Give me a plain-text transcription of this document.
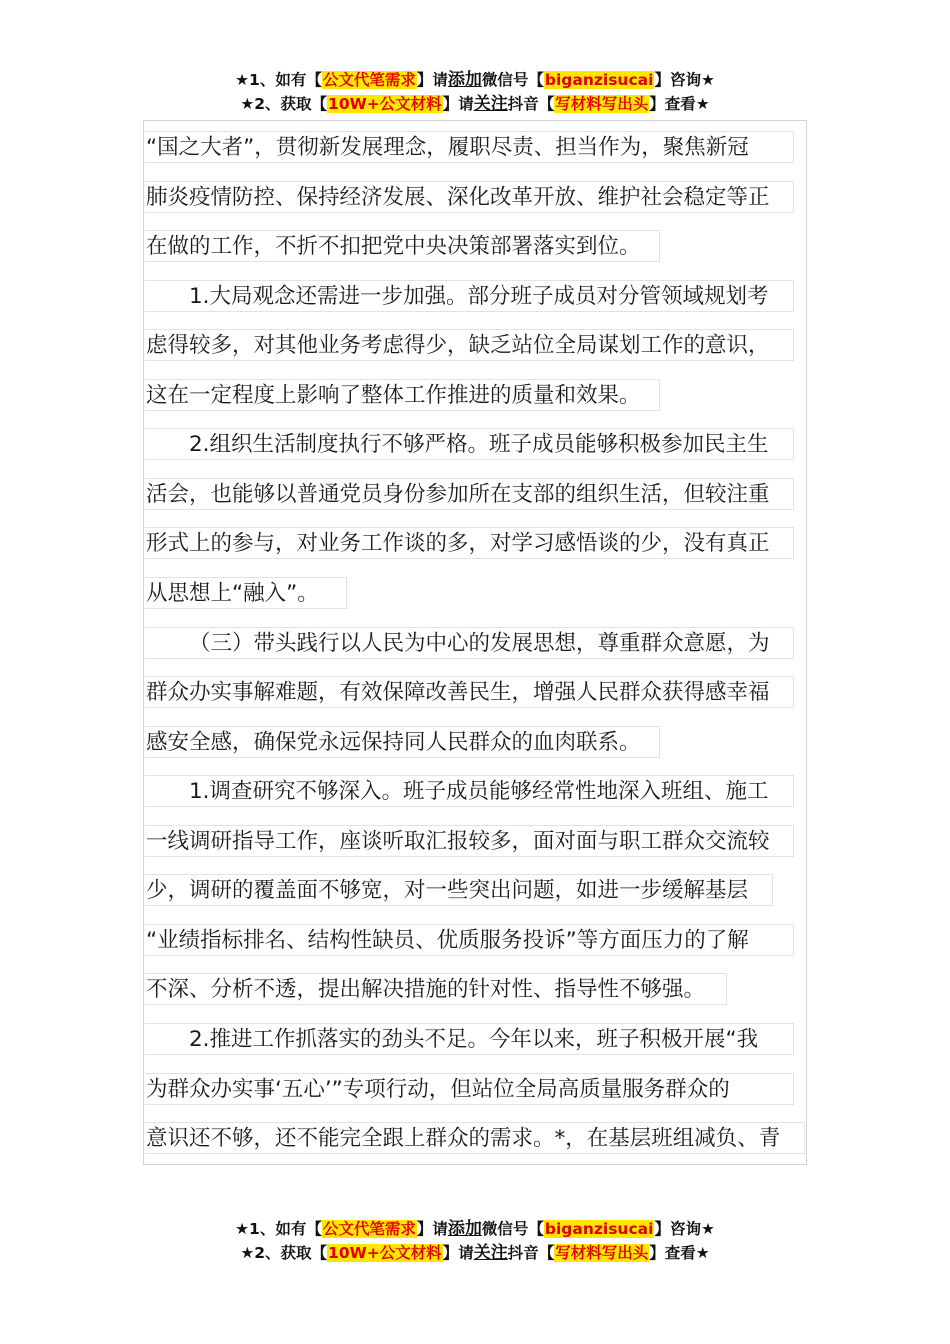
★1、如有【公文代笔需求】请添加微信号【biganzisucai】咨询★
★2、获取【10W+公文材料】请关注抖音【写材料写出头】查看★
“国之大者”，贯彻新发展理念，履职尽责、担当作为，聚焦新冠
肺炎疫情防控、保持经济发展、深化改革开放、维护社会稳定等正
在做的工作，不折不扣把党中央决策部署落实到位。
1.大局观念还需进一步加强。部分班子成员对分管领域规划考
虑得较多，对其他业务考虑得少，缺乏站位全局谋划工作的意识，
这在一定程度上影响了整体工作推进的质量和效果。
2.组织生活制度执行不够严格。班子成员能够积极参加民主生
活会，也能够以普通党员身份参加所在支部的组织生活，但较注重
形式上的参与，对业务工作谈的多，对学习感悟谈的少，没有真正
从思想上“融入”。
（三）带头践行以人民为中心的发展思想，尊重群众意愿，为
群众办实事解难题，有效保障改善民生，增强人民群众获得感幸福
感安全感，确保党永远保持同人民群众的血肉联系。
1.调查研究不够深入。班子成员能够经常性地深入班组、施工
一线调研指导工作，座谈听取汇报较多，面对面与职工群众交流较
少，调研的覆盖面不够宽，对一些突出问题，如进一步缓解基层
“业绩指标排名、结构性缺员、优质服务投诉”等方面压力的了解
不深、分析不透，提出解决措施的针对性、指导性不够强。
2.推进工作抓落实的劲头不足。今年以来，班子积极开展“我
为群众办实事‘五心’”专项行动，但站位全局高质量服务群众的
意识还不够，还不能完全跟上群众的需求。*，在基层班组减负、青
★1、如有【公文代笔需求】请添加微信号【biganzisucai】咨询★
★2、获取【10W+公文材料】请关注抖音【写材料写出头】查看★
